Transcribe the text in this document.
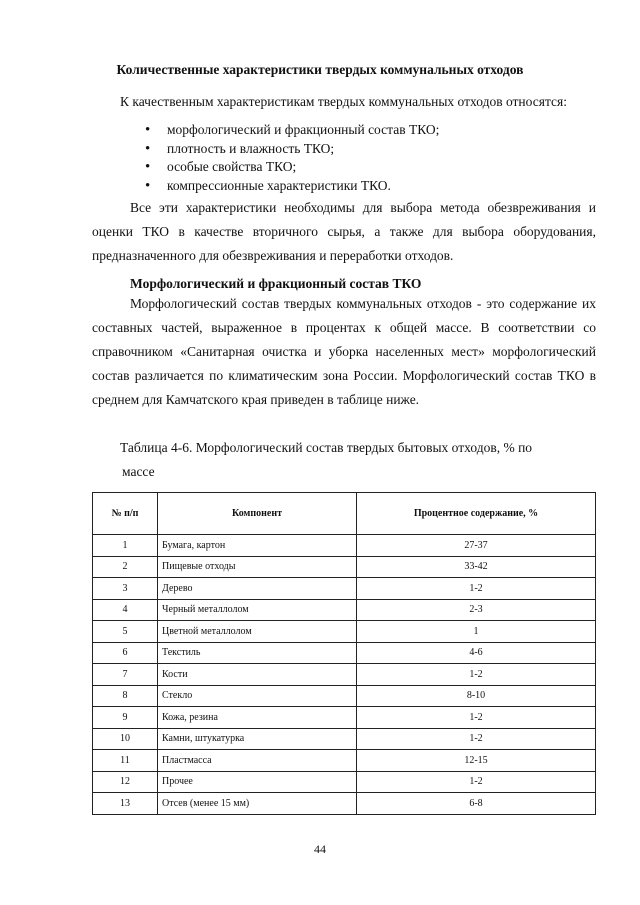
Количественные характеристики твердых коммунальных отходов
К качественным характеристикам твердых коммунальных отходов относятся:
• морфологический и фракционный состав ТКО;
• плотность и влажность ТКО;
• особые свойства ТКО;
• компрессионные характеристики ТКО.

Все эти характеристики необходимы для выбора метода обезвреживания и оценки ТКО в качестве вторичного сырья, а также для выбора оборудования, предназначенного для обезвреживания и переработки отходов.

Морфологический и фракционный состав ТКО

Морфологический состав твердых коммунальных отходов - это содержание их составных частей, выраженное в процентах к общей массе. В соответствии со справочником «Санитарная очистка и уборка населенных мест» морфологический состав различается по климатическим зона России. Морфологический состав ТКО в среднем для Камчатского края приведен в таблице ниже.

Таблица 4-6. Морфологический состав твердых бытовых отходов, % по
массе

№ п/п	Компонент	Процентное содержание, %
1	Бумага, картон	27-37
2	Пищевые отходы	33-42
3	Дерево	1-2
4	Черный металлолом	2-3
5	Цветной металлолом	1
6	Текстиль	4-6
7	Кости	1-2
8	Стекло	8-10
9	Кожа, резина	1-2
10	Камни, штукатурка	1-2
11	Пластмасса	12-15
12	Прочее	1-2
13	Отсев (менее 15 мм)	6-8
44
